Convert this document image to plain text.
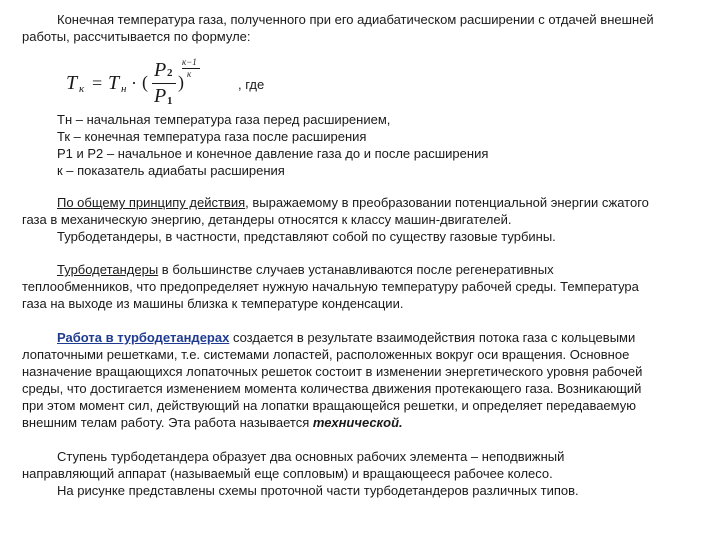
Конечная температура газа, полученного при его адиабатическом расширении с отдачей внешней
работы, рассчитывается по формуле:
T к = T н · (
P 2
P 1
)
к−1
к
, где
Тн – начальная температура газа перед расширением,
Тк – конечная температура газа после расширения
Р1 и Р2 – начальное и конечное давление газа до и после расширения
к – показатель адиабаты расширения
По общему принципу действия, выражаемому в преобразовании потенциальной энергии сжатого
газа в механическую энергию, детандеры относятся к классу машин-двигателей.
Турбодетандеры, в частности, представляют собой по существу газовые турбины.
Турбодетандеры в большинстве случаев устанавливаются после регенеративных
теплообменников, что предопределяет нужную начальную температуру рабочей среды. Температура
газа на выходе из машины близка к температуре конденсации.
Работа в турбодетандерах создается в результате взаимодействия потока газа с кольцевыми
лопаточными решетками, т.е. системами лопастей, расположенных вокруг оси вращения. Основное
назначение вращающихся лопаточных решеток состоит в изменении энергетического уровня рабочей
среды, что достигается изменением момента количества движения протекающего газа. Возникающий
при этом момент сил, действующий на лопатки вращающейся решетки, и определяет передаваемую
внешним телам работу. Эта работа называется технической.
Ступень турбодетандера образует два основных рабочих элемента – неподвижный
направляющий аппарат (называемый еще сопловым) и вращающееся рабочее колесо.
На рисунке представлены схемы проточной части турбодетандеров различных типов.
